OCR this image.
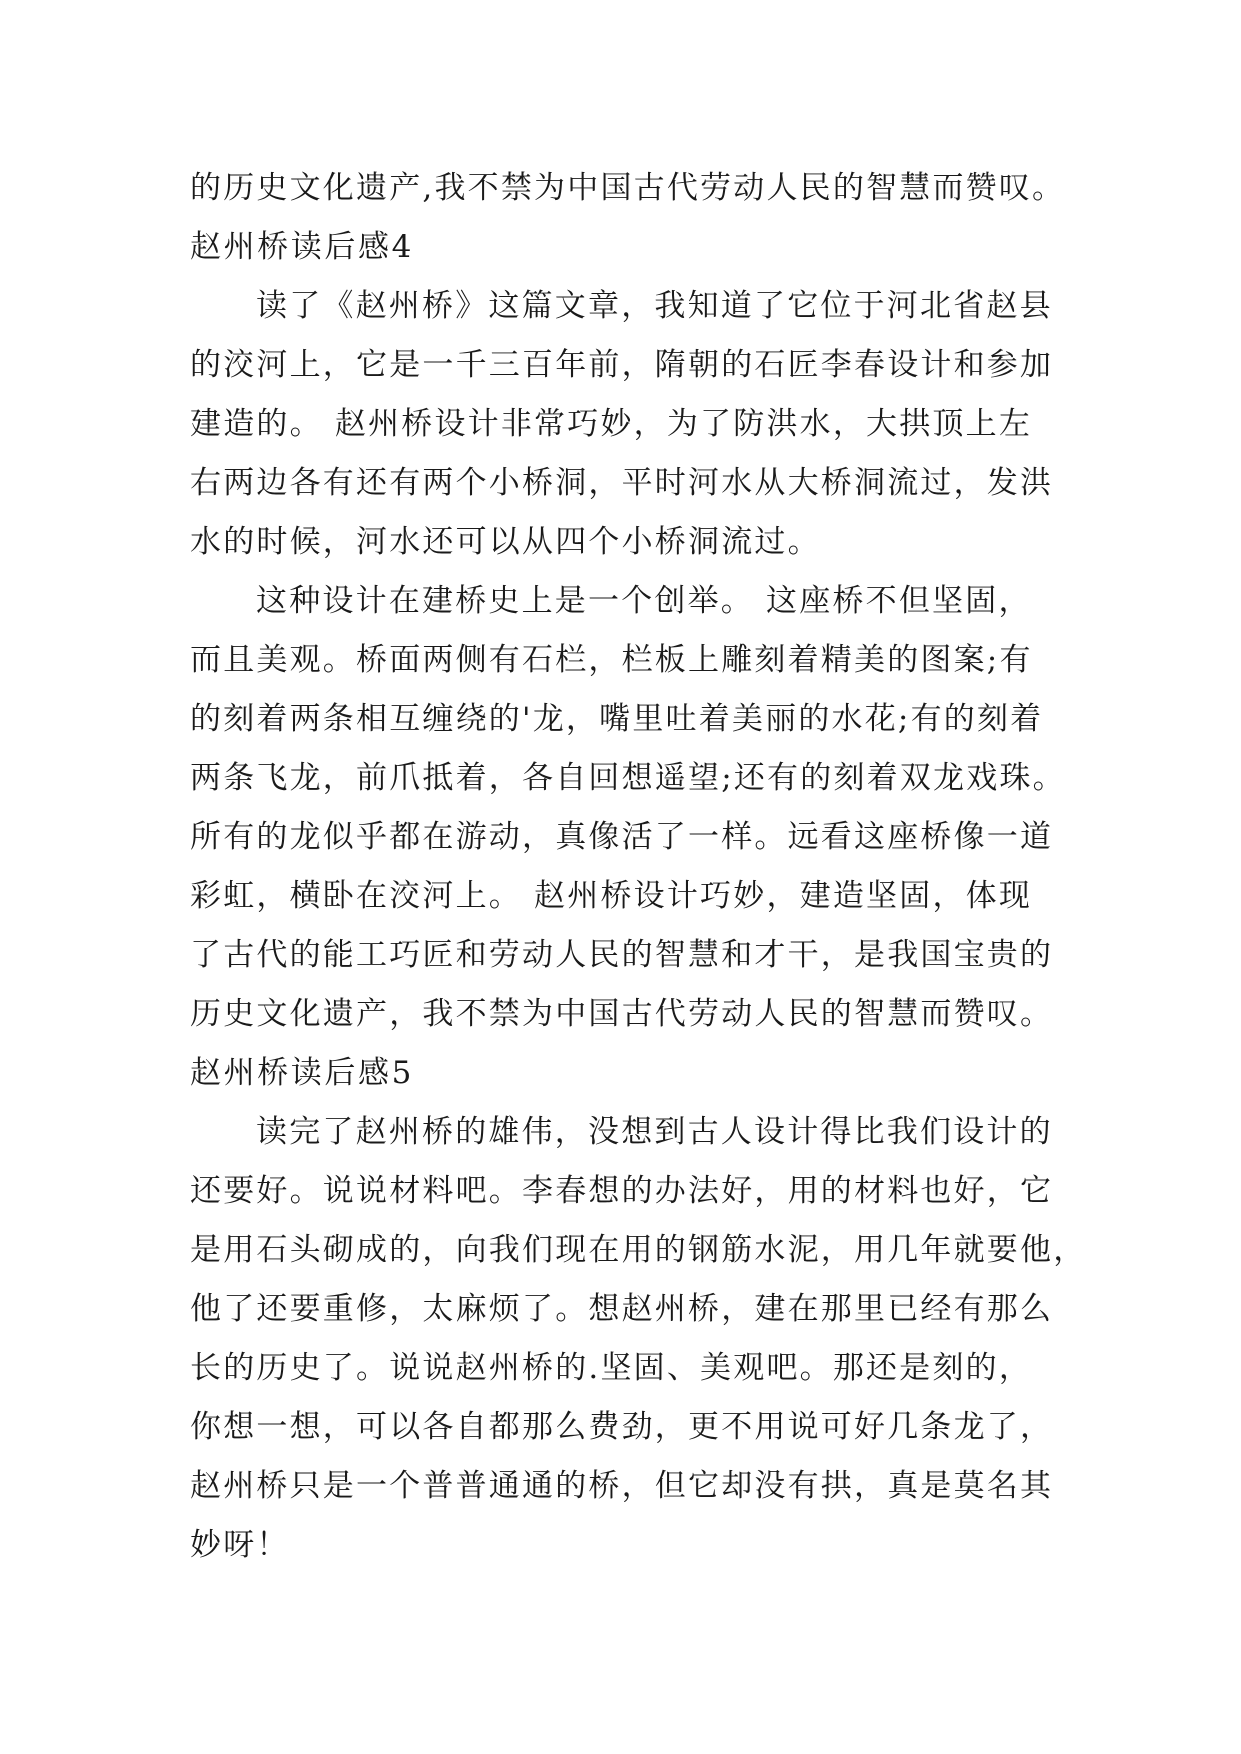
的历史文化遗产,我不禁为中国古代劳动人民的智慧而赞叹。
赵州桥读后感4
读了《赵州桥》这篇文章，我知道了它位于河北省赵县
的洨河上，它是一千三百年前，隋朝的石匠李春设计和参加
建造的。 赵州桥设计非常巧妙，为了防洪水，大拱顶上左
右两边各有还有两个小桥洞，平时河水从大桥洞流过，发洪
水的时候，河水还可以从四个小桥洞流过。
这种设计在建桥史上是一个创举。 这座桥不但坚固，
而且美观。桥面两侧有石栏，栏板上雕刻着精美的图案;有
的刻着两条相互缠绕的'龙，嘴里吐着美丽的水花;有的刻着
两条飞龙，前爪抵着，各自回想遥望;还有的刻着双龙戏珠。
所有的龙似乎都在游动，真像活了一样。远看这座桥像一道
彩虹，横卧在洨河上。 赵州桥设计巧妙，建造坚固，体现
了古代的能工巧匠和劳动人民的智慧和才干，是我国宝贵的
历史文化遗产，我不禁为中国古代劳动人民的智慧而赞叹。
赵州桥读后感5
读完了赵州桥的雄伟，没想到古人设计得比我们设计的
还要好。说说材料吧。李春想的办法好，用的材料也好，它
是用石头砌成的，向我们现在用的钢筋水泥，用几年就要他，
他了还要重修，太麻烦了。想赵州桥，建在那里已经有那么
长的历史了。说说赵州桥的.坚固、美观吧。那还是刻的，
你想一想，可以各自都那么费劲，更不用说可好几条龙了，
赵州桥只是一个普普通通的桥，但它却没有拱，真是莫名其
妙呀！
